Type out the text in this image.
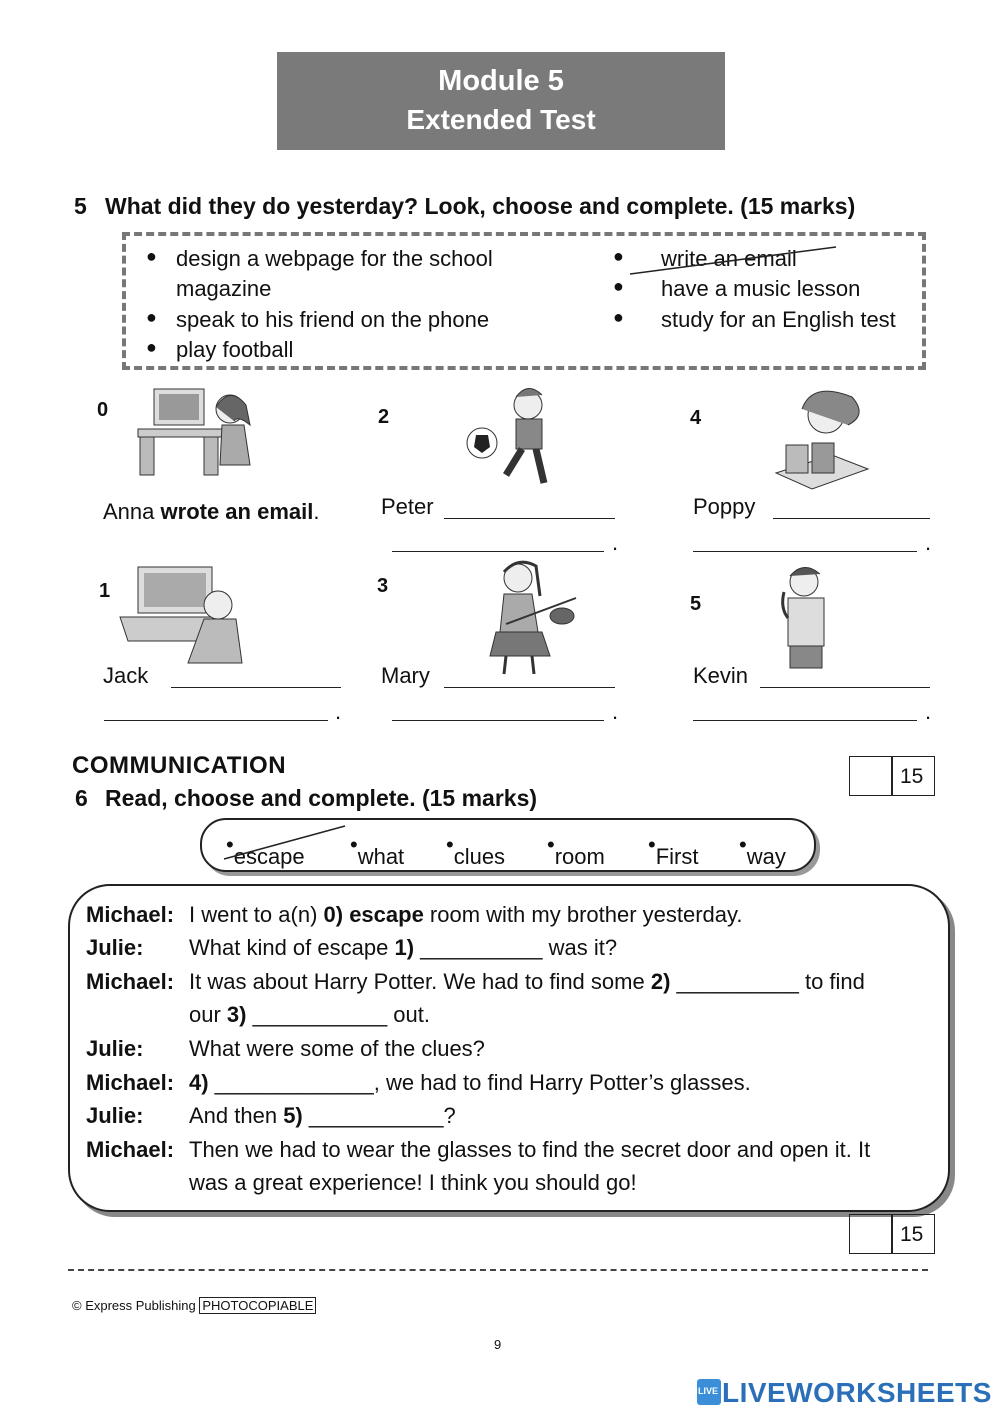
Module 5
Extended Test
5 What did they do yesterday? Look, choose and complete. (15 marks)
● design a webpage for the school
magazine
● speak to his friend on the phone
● play football
● write an email
● have a music lesson
● study for an English test
0	2	4
1	3
5
Anna wrote an email.	Peter
.
Poppy
.
Jack
.
Mary
.
Kevin
.
15
COMMUNICATION
6 Read, choose and complete. (15 marks)
• escape • what • clues • room • First • way
Michael: I went to a(n) 0) escape room with my brother yesterday.
Julie: What kind of escape 1) __________ was it?
Michael: It was about Harry Potter. We had to find some 2) __________ to find
our 3) ___________ out.
Julie: What were some of the clues?
Michael: 4) _____________, we had to find Harry Potter’s glasses.
Julie: And then 5) ___________?
Michael: Then we had to wear the glasses to find the secret door and open it. It
was a great experience! I think you should go!
15
© Express Publishing PHOTOCOPIABLE
9
LIVE LIVEWORKSHEETS
